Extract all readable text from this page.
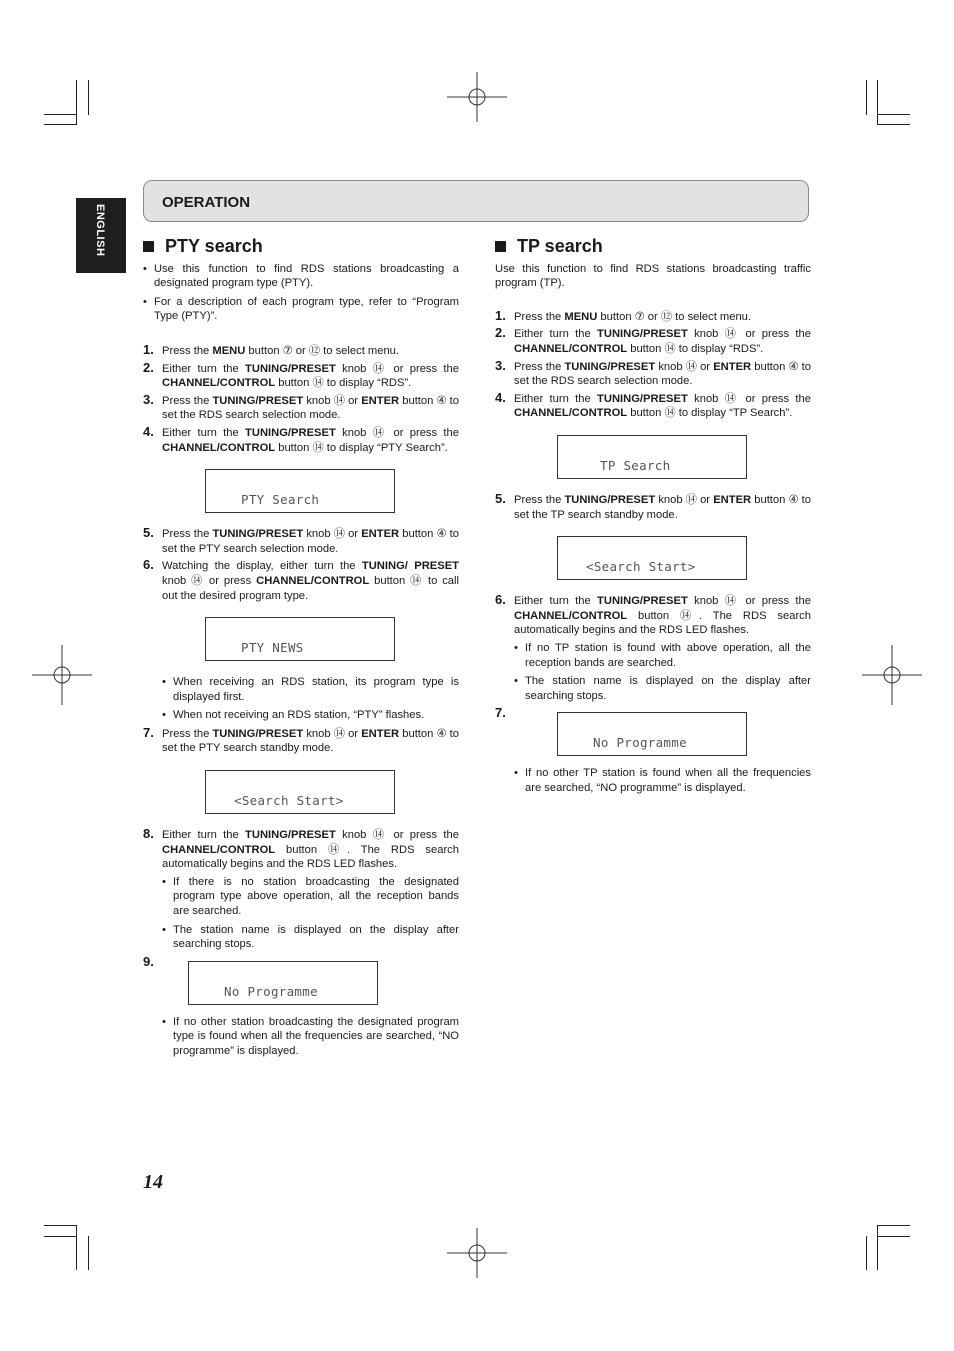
ENGLISH
OPERATION
PTY search

• Use this function to find RDS stations broadcasting a designated program type (PTY).

• For a description of each program type, refer to “Program Type (PTY)”.

1. Press the MENU button ⑦ or ⑫ to select menu.
2. Either turn the TUNING/PRESET knob ⑭ or press the CHANNEL/CONTROL button ⑭ to display “RDS”.
3. Press the TUNING/PRESET knob ⑭ or ENTER button ④ to set the RDS search selection mode.
4. Either turn the TUNING/PRESET knob ⑭ or press the CHANNEL/CONTROL button ⑭ to display “PTY Search”.
PTY Search
5. Press the TUNING/PRESET knob ⑭ or ENTER button ④ to set the PTY search selection mode.
6. Watching the display, either turn the TUNING/ PRESET knob ⑭ or press CHANNEL/CONTROL button ⑭ to call out the desired program type.
PTY NEWS

• When receiving an RDS station, its program type is displayed first.

• When not receiving an RDS station, “PTY” flashes.

7. Press the TUNING/PRESET knob ⑭ or ENTER button ④ to set the PTY search standby mode.
<Search Start>
8. Either turn the TUNING/PRESET knob ⑭ or press the CHANNEL/CONTROL button ⑭. The RDS search automatically begins and the RDS LED flashes.

• If there is no station broadcasting the designated program type above operation, all the reception bands are searched.

• The station name is displayed on the display after searching stops.

9.
No Programme

• If no other station broadcasting the designated program type is found when all the frequencies are searched, “NO programme” is displayed.

TP search

Use this function to find RDS stations broadcasting traffic program (TP).

1. Press the MENU button ⑦ or ⑫ to select menu.
2. Either turn the TUNING/PRESET knob ⑭ or press the CHANNEL/CONTROL button ⑭ to display “RDS”.
3. Press the TUNING/PRESET knob ⑭ or ENTER button ④ to set the RDS search selection mode.
4. Either turn the TUNING/PRESET knob ⑭ or press the CHANNEL/CONTROL button ⑭ to display “TP Search”.
TP Search
5. Press the TUNING/PRESET knob ⑭ or ENTER button ④ to set the TP search standby mode.
<Search Start>
6. Either turn the TUNING/PRESET knob ⑭ or press the CHANNEL/CONTROL button ⑭. The RDS search automatically begins and the RDS LED flashes.

• If no TP station is found with above operation, all the reception bands are searched.

• The station name is displayed on the display after searching stops.

7.
No Programme

• If no other TP station is found when all the frequencies are searched, “NO programme” is displayed.

14
